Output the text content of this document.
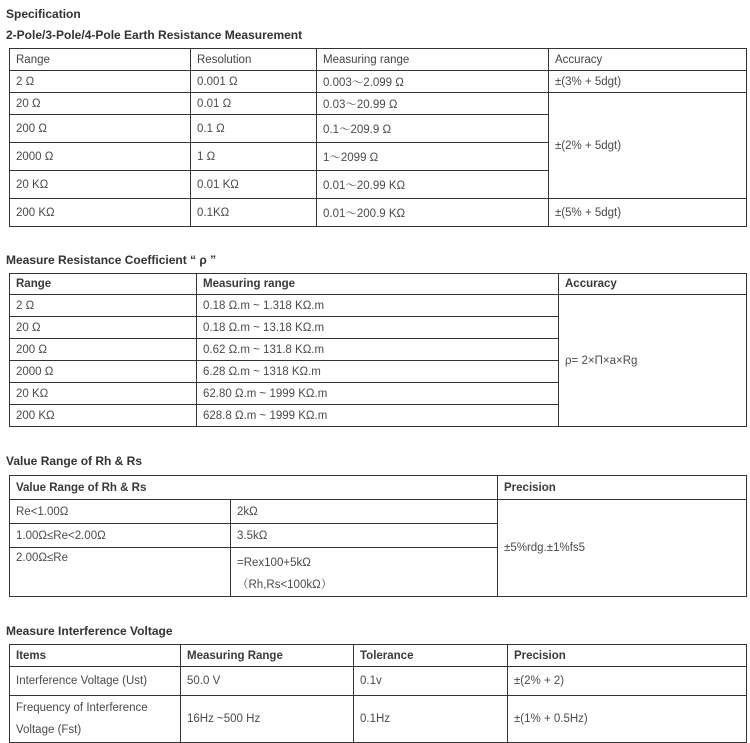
Specification
2-Pole/3-Pole/4-Pole Earth Resistance Measurement
Range	Resolution	Measuring range	Accuracy
2 Ω	0.001 Ω	0.003～2.099 Ω	±(3% + 5dgt)
20 Ω	0.01 Ω	0.03～20.99 Ω	±(2% + 5dgt)
200 Ω	0.1 Ω	0.1～209.9 Ω	
2000 Ω	1 Ω	1～2099 Ω	
20 KΩ	0.01 KΩ	0.01～20.99 KΩ	
200 KΩ	0.1KΩ	0.01～200.9 KΩ	±(5% + 5dgt)
Measure Resistance Coefficient “ ρ ”
Range	Measuring range	Accuracy
2 Ω	0.18 Ω.m ~ 1.318 KΩ.m	ρ= 2×Π×a×Rg
20 Ω	0.18 Ω.m ~ 13.18 KΩ.m	
200 Ω	0.62 Ω.m ~ 131.8 KΩ.m	
2000 Ω	6.28 Ω.m ~ 1318 KΩ.m	
20 KΩ	62.80 Ω.m ~ 1999 KΩ.m	
200 KΩ	628.8 Ω.m ~ 1999 KΩ.m	
Value Range of Rh & Rs
Value Range of Rh & Rs		Precision
Re<1.00Ω	2kΩ	±5%rdg.±1%fs5
1.00Ω≤Re<2.00Ω	3.5kΩ	
2.00Ω≤Re	=Rex100+5kΩ
（Rh,Rs<100kΩ）	
Measure Interference Voltage
Items	Measuring Range	Tolerance	Precision
Interference Voltage (Ust)	50.0 V	0.1v	±(2% + 2)
Frequency of Interference Voltage (Fst)	16Hz ~500 Hz	0.1Hz	±(1% + 0.5Hz)
